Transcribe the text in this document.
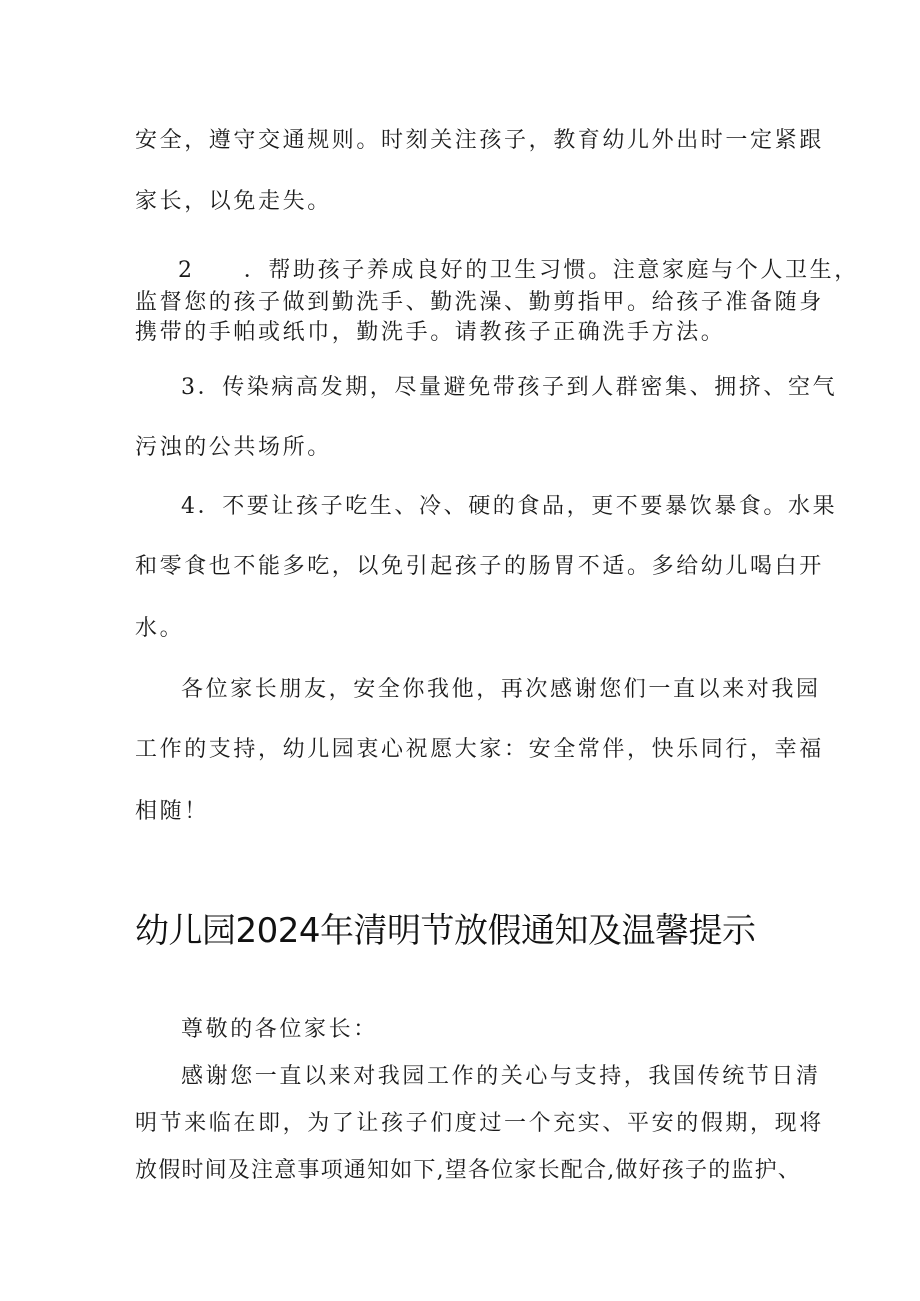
安全，遵守交通规则。时刻关注孩子，教育幼儿外出时一定紧跟
家长，以免走失。
2　　．帮助孩子养成良好的卫生习惯。注意家庭与个人卫生，
监督您的孩子做到勤洗手、勤洗澡、勤剪指甲。给孩子准备随身
携带的手帕或纸巾，勤洗手。请教孩子正确洗手方法。
3．传染病高发期，尽量避免带孩子到人群密集、拥挤、空气
污浊的公共场所。
4．不要让孩子吃生、冷、硬的食品，更不要暴饮暴食。水果
和零食也不能多吃，以免引起孩子的肠胃不适。多给幼儿喝白开
水。
各位家长朋友，安全你我他，再次感谢您们一直以来对我园
工作的支持，幼儿园衷心祝愿大家：安全常伴，快乐同行，幸福
相随！
幼儿园2024年清明节放假通知及温馨提示
尊敬的各位家长：
感谢您一直以来对我园工作的关心与支持，我国传统节日清
明节来临在即，为了让孩子们度过一个充实、平安的假期，现将
放假时间及注意事项通知如下,望各位家长配合,做好孩子的监护、
